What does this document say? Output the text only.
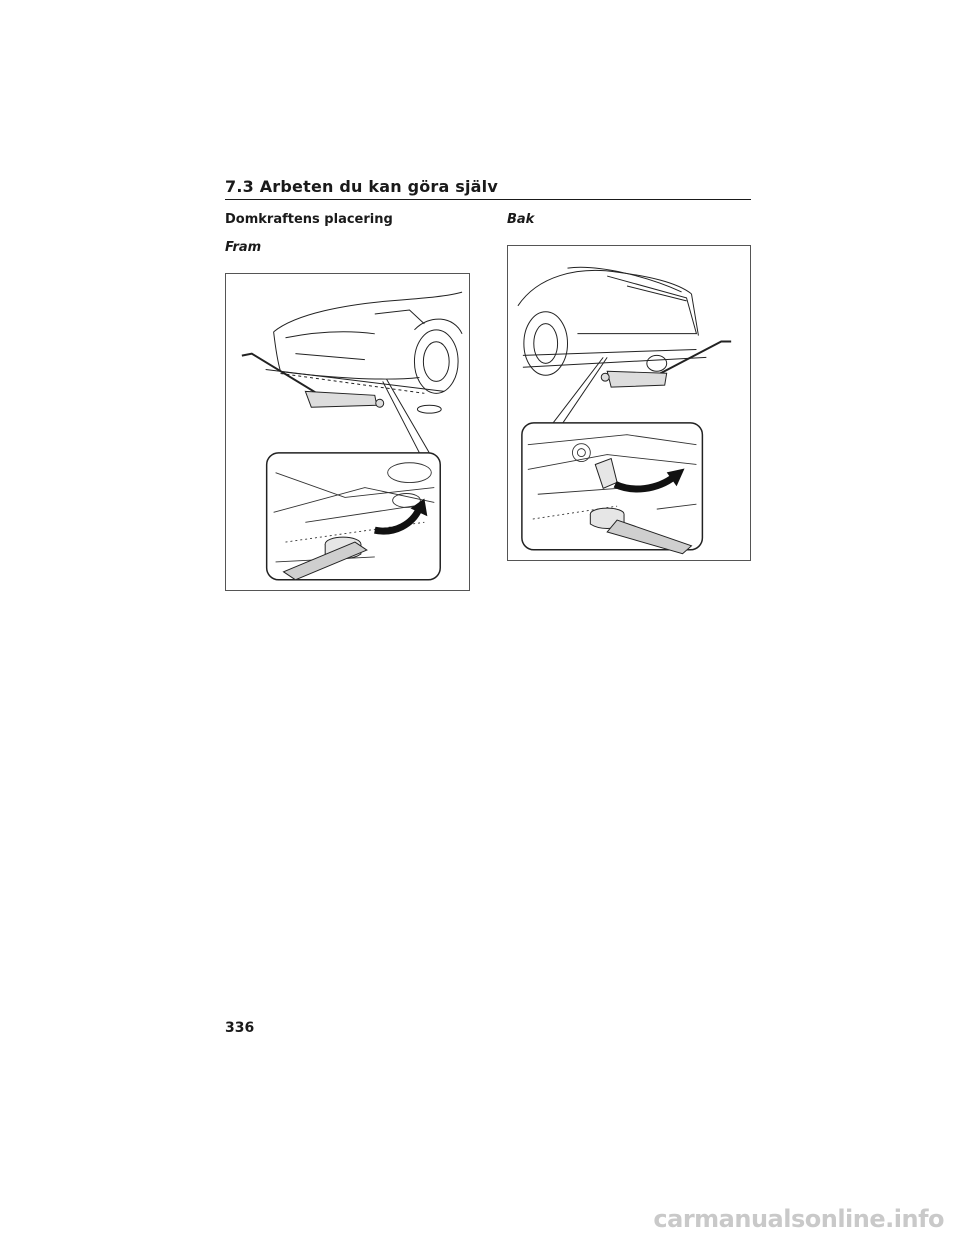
7.3 Arbeten du kan göra själv
Domkraftens placering
Fram
Bak
336
carmanualsonline.info
